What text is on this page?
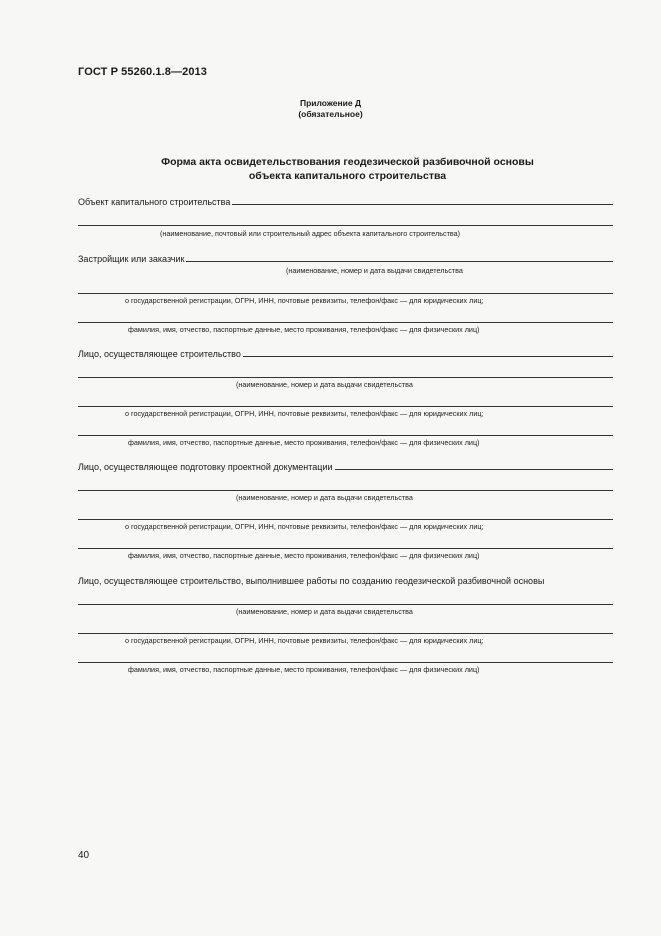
ГОСТ Р 55260.1.8—2013
Приложение Д
(обязательное)
Форма акта освидетельствования геодезической разбивочной основы
объекта капитального строительства
Объект капитального строительства
(наименование, почтовый или строительный адрес объекта капитального строительства)
Застройщик или заказчик
(наименование, номер и дата выдачи свидетельства
о государственной регистрации, ОГРН, ИНН, почтовые реквизиты, телефон/факс — для юридических лиц;
фамилия, имя, отчество, паспортные данные, место проживания, телефон/факс — для физических лиц)
Лицо, осуществляющее строительство
(наименование, номер и дата выдачи свидетельства
о государственной регистрации, ОГРН, ИНН, почтовые реквизиты, телефон/факс — для юридических лиц;
фамилия, имя, отчество, паспортные данные, место проживания, телефон/факс — для физических лиц)
Лицо, осуществляющее подготовку проектной документации
(наименование, номер и дата выдачи свидетельства
о государственной регистрации, ОГРН, ИНН, почтовые реквизиты, телефон/факс — для юридических лиц;
фамилия, имя, отчество, паспортные данные, место проживания, телефон/факс — для физических лиц)
Лицо, осуществляющее строительство, выполнившее работы по созданию геодезической разбивочной основы
(наименование, номер и дата выдачи свидетельства
о государственной регистрации, ОГРН, ИНН, почтовые реквизиты, телефон/факс — для юридических лиц;
фамилия, имя, отчество, паспортные данные, место проживания, телефон/факс — для физических лиц)
40
